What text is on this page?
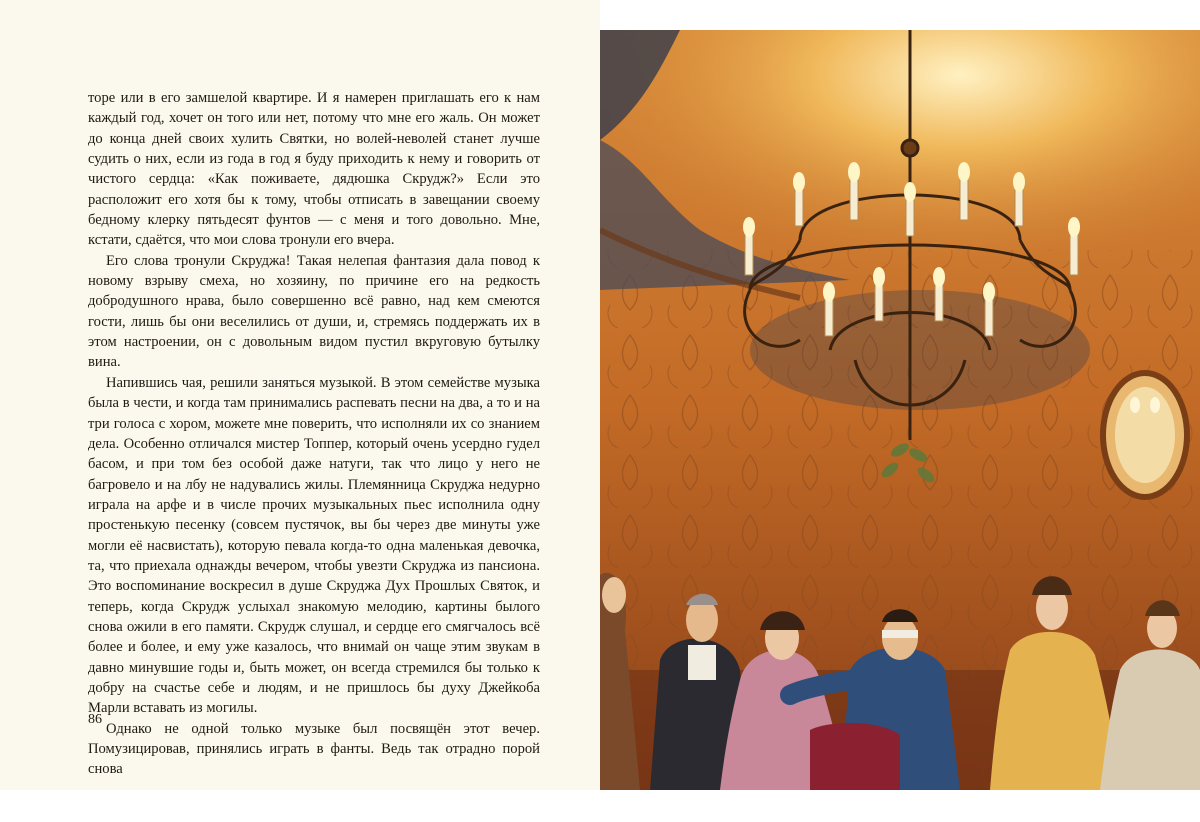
торе или в его замшелой квартире. И я намерен приглашать его к нам каждый год, хочет он того или нет, потому что мне его жаль. Он может до конца дней своих хулить Святки, но волей-неволей станет лучше судить о них, если из года в год я буду приходить к нему и говорить от чистого сердца: «Как поживаете, дядюшка Скрудж?» Если это расположит его хотя бы к тому, чтобы отписать в завещании своему бедному клерку пятьдесят фунтов — с меня и того довольно. Мне, кстати, сдаётся, что мои слова тронули его вчера.

Его слова тронули Скруджа! Такая нелепая фантазия дала повод к новому взрыву смеха, но хозяину, по причине его на редкость добродушного нрава, было совершенно всё равно, над кем смеются гости, лишь бы они веселились от души, и, стремясь поддержать их в этом настроении, он с довольным видом пустил вкруговую бутылку вина.

Напившись чая, решили заняться музыкой. В этом семействе музыка была в чести, и когда там принимались распевать песни на два, а то и на три голоса с хором, можете мне поверить, что исполняли их со знанием дела. Особенно отличался мистер Топпер, который очень усердно гудел басом, и при том без особой даже натуги, так что лицо у него не багровело и на лбу не надувались жилы. Племянница Скруджа недурно играла на арфе и в числе прочих музыкальных пьес исполнила одну простенькую песенку (совсем пустячок, вы бы через две минуты уже могли её насвистать), которую певала когда-то одна маленькая девочка, та, что приехала однажды вечером, чтобы увезти Скруджа из пансиона. Это воспоминание воскресил в душе Скруджа Дух Прошлых Святок, и теперь, когда Скрудж услыхал знакомую мелодию, картины былого снова ожили в его памяти. Скрудж слушал, и сердце его смягчалось всё более и более, и ему уже казалось, что внимай он чаще этим звукам в давно минувшие годы и, быть может, он всегда стремился бы только к добру на счастье себе и людям, и не пришлось бы духу Джейкоба Марли вставать из могилы.

Однако не одной только музыке был посвящён этот вечер. Помузицировав, принялись играть в фанты. Ведь так отрадно порой снова

86
